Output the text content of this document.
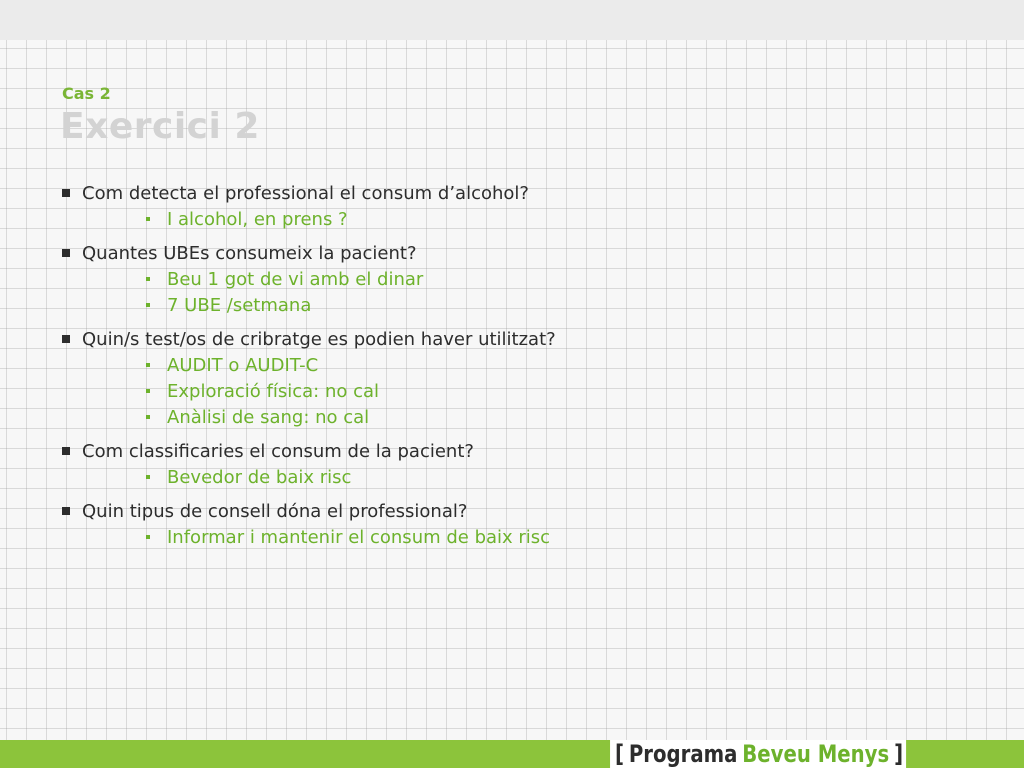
Cas 2
Exercici 2
Com detecta el professional el consum d’alcohol?
I alcohol, en prens ?
Quantes UBEs consumeix la pacient?
Beu 1 got de vi amb el dinar
7 UBE /setmana
Quin/s test/os de cribratge es podien haver utilitzat?
AUDIT o AUDIT-C
Exploració física: no cal
Anàlisi de sang: no cal
Com classificaries el consum de la pacient?
Bevedor de baix risc
Quin tipus de consell dóna el professional?
Informar i mantenir el consum de baix risc
[ Programa Beveu Menys ]
